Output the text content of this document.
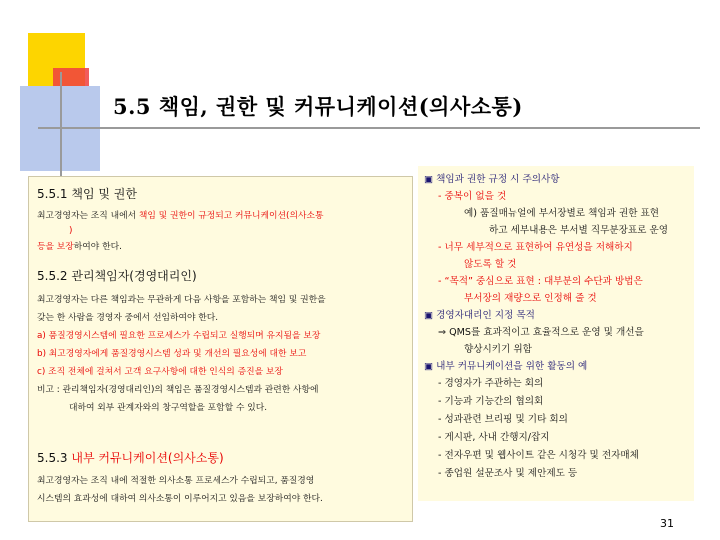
5.5 책임, 권한 및 커뮤니케이션(의사소통)
5.5.1 책임 및 권한
최고경영자는 조직 내에서 책임 및 권한이 규정되고 커뮤니케이션(의사소통
)
등을 보장하여야 한다.
5.5.2 관리책임자(경영대리인)
최고경영자는 다른 책임과는 무관하게 다음 사항을 포함하는 책임 및 권한을
갖는 한 사람을 경영자 중에서 선임하여야 한다.
a) 품질경영시스템에 필요한 프로세스가 수립되고 실행되며 유지됨을 보장
b) 최고경영자에게 품질경영시스템 성과 및 개선의 필요성에 대한 보고
c) 조직 전체에 걸쳐서 고객 요구사항에 대한 인식의 증진을 보장
비고 : 관리책임자(경영대리인)의 책임은 품질경영시스템과 관련한 사항에
대하여 외부 관계자와의 창구역할을 포함할 수 있다.
5.5.3 내부 커뮤니케이션(의사소통)
최고경영자는 조직 내에 적절한 의사소통 프로세스가 수립되고, 품질경영
시스템의 효과성에 대하여 의사소통이 이루어지고 있음을 보장하여야 한다.
▣ 책임과 권한 규정 시 주의사항
- 중복이 없을 것
예) 품질매뉴얼에 부서장별로 책임과 권한 표현
하고 세부내용은 부서별 직무분장표로 운영
- 너무 세부적으로 표현하여 유연성을 저해하지
않도록 할 것
- “목적” 중심으로 표현 : 대부분의 수단과 방법은
부서장의 재량으로 인정해 줄 것
▣ 경영자대리인 지정 목적
⇒ QMS를 효과적이고 효율적으로 운영 및 개선을
향상시키기 위함
▣ 내부 커뮤니케이션을 위한 활동의 예
- 경영자가 주관하는 회의
- 기능과 기능간의 협의회
- 성과관련 브리핑 및 기타 회의
- 게시판, 사내 간행지/잡지
- 전자우편 및 웹사이트 같은 시청각 및 전자매체
- 종업원 설문조사 및 제안제도 등
31
